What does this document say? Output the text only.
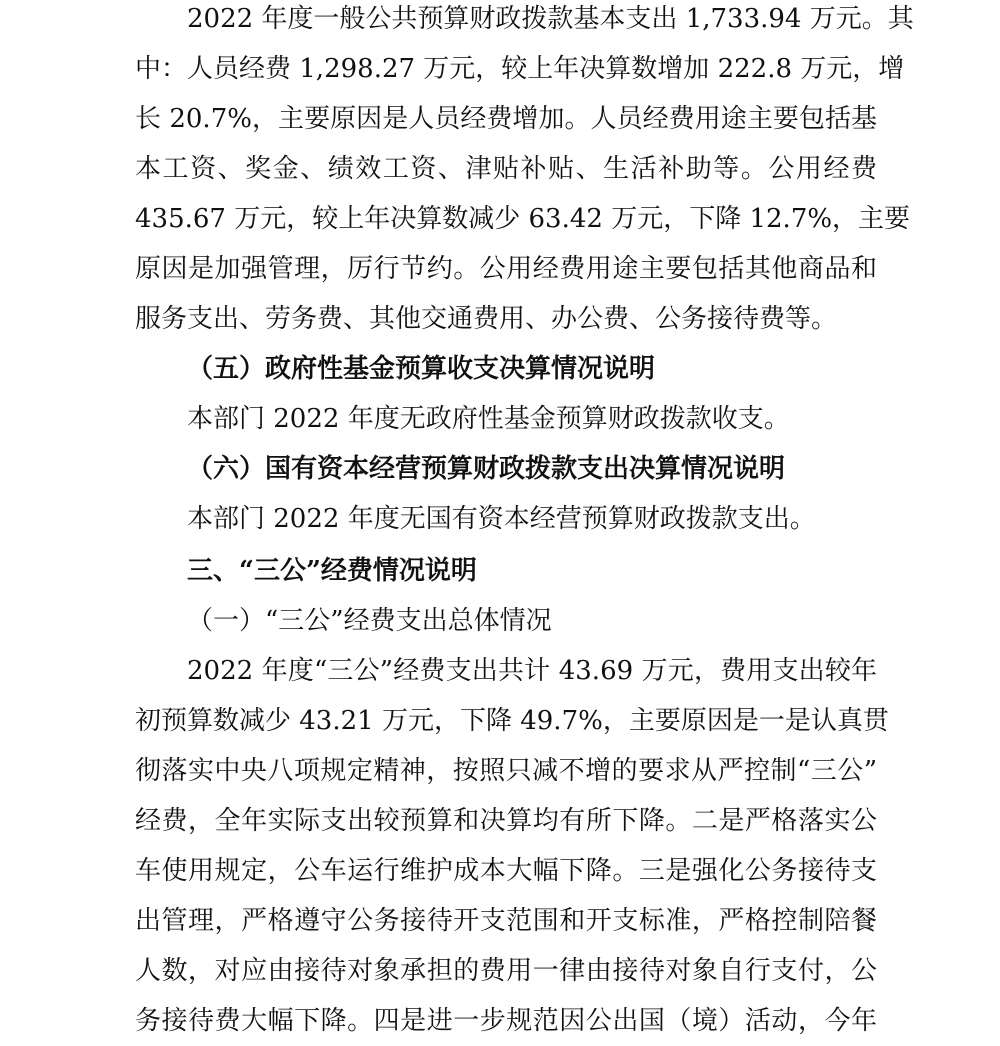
2022 年度一般公共预算财政拨款基本支出 1,733.94 万元。其
中：人员经费 1,298.27 万元，较上年决算数增加 222.8 万元，增
长 20.7%，主要原因是人员经费增加。人员经费用途主要包括基
本工资、奖金、绩效工资、津贴补贴、生活补助等。公用经费
435.67 万元，较上年决算数减少 63.42 万元，下降 12.7%，主要
原因是加强管理，厉行节约。公用经费用途主要包括其他商品和
服务支出、劳务费、其他交通费用、办公费、公务接待费等。
（五）政府性基金预算收支决算情况说明
本部门 2022 年度无政府性基金预算财政拨款收支。
（六）国有资本经营预算财政拨款支出决算情况说明
本部门 2022 年度无国有资本经营预算财政拨款支出。
三、“三公”经费情况说明
（一）“三公”经费支出总体情况
2022 年度“三公”经费支出共计 43.69 万元，费用支出较年
初预算数减少 43.21 万元，下降 49.7%，主要原因是一是认真贯
彻落实中央八项规定精神，按照只减不增的要求从严控制“三公”
经费，全年实际支出较预算和决算均有所下降。二是严格落实公
车使用规定，公车运行维护成本大幅下降。三是强化公务接待支
出管理，严格遵守公务接待开支范围和开支标准，严格控制陪餐
人数，对应由接待对象承担的费用一律由接待对象自行支付，公
务接待费大幅下降。四是进一步规范因公出国（境）活动，今年
